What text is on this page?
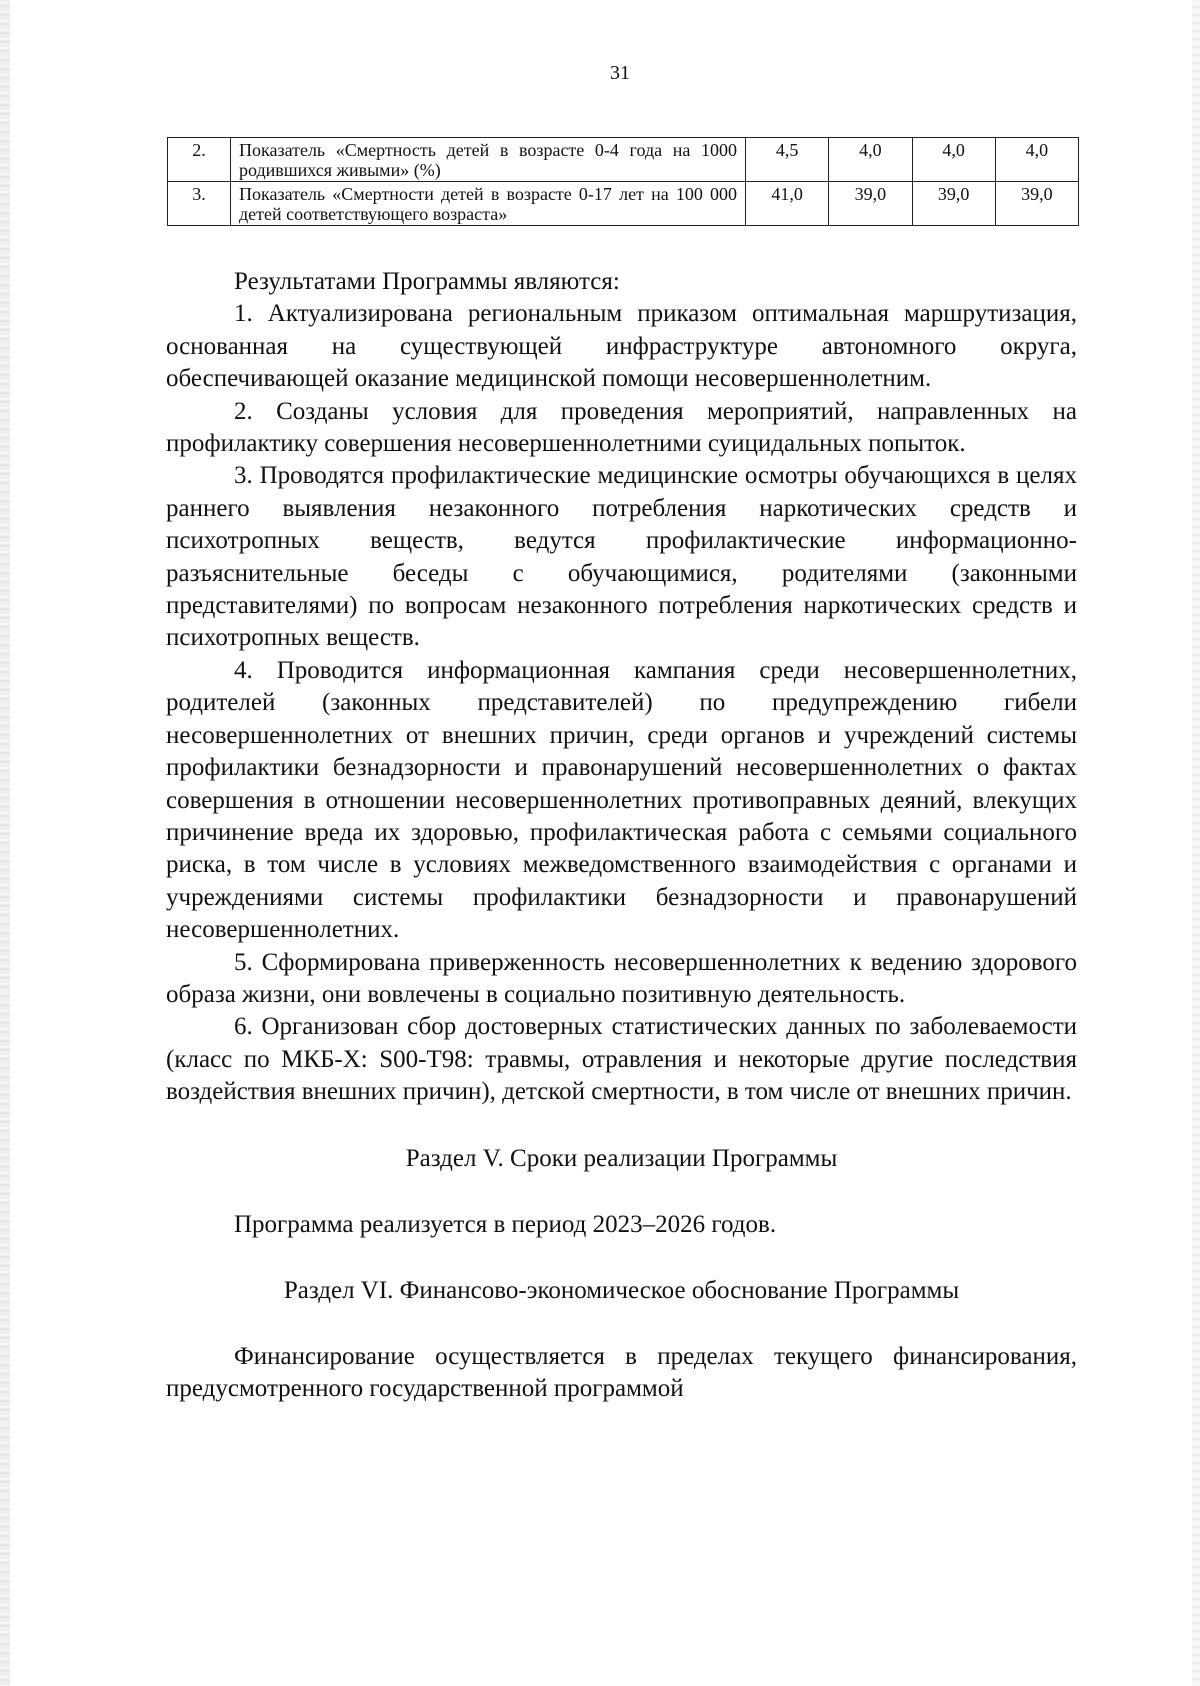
31
2.	Показатель «Смертность детей в возрасте 0-4 года на 1000 родившихся живыми» (%)	4,5	4,0	4,0	4,0
3.	Показатель «Смертности детей в возрасте 0-17 лет на 100 000 детей соответствующего возраста»	41,0	39,0	39,0	39,0

Результатами Программы являются:

1. Актуализирована региональным приказом оптимальная маршрутизация, основанная на существующей инфраструктуре автономного округа, обеспечивающей оказание медицинской помощи несовершеннолетним.

2. Созданы условия для проведения мероприятий, направленных на профилактику совершения несовершеннолетними суицидальных попыток.

3. Проводятся профилактические медицинские осмотры обучающихся в целях раннего выявления незаконного потребления наркотических средств и психотропных веществ, ведутся профилактические информационно-разъяснительные беседы с обучающимися, родителями (законными представителями) по вопросам незаконного потребления наркотических средств и психотропных веществ.

4. Проводится информационная кампания среди несовершеннолетних, родителей (законных представителей) по предупреждению гибели несовершеннолетних от внешних причин, среди органов и учреждений системы профилактики безнадзорности и правонарушений несовершеннолетних о фактах совершения в отношении несовершеннолетних противоправных деяний, влекущих причинение вреда их здоровью, профилактическая работа с семьями социального риска, в том числе в условиях межведомственного взаимодействия с органами и учреждениями системы профилактики безнадзорности и правонарушений несовершеннолетних.

5. Сформирована приверженность несовершеннолетних к ведению здорового образа жизни, они вовлечены в социально позитивную деятельность.

6. Организован сбор достоверных статистических данных по заболеваемости (класс по МКБ-Х: S00-T98: травмы, отравления и некоторые другие последствия воздействия внешних причин), детской смертности, в том числе от внешних причин.

Раздел V. Сроки реализации Программы

Программа реализуется в период 2023–2026 годов.

Раздел VI. Финансово-экономическое обоснование Программы

Финансирование осуществляется в пределах текущего финансирования, предусмотренного государственной программой
